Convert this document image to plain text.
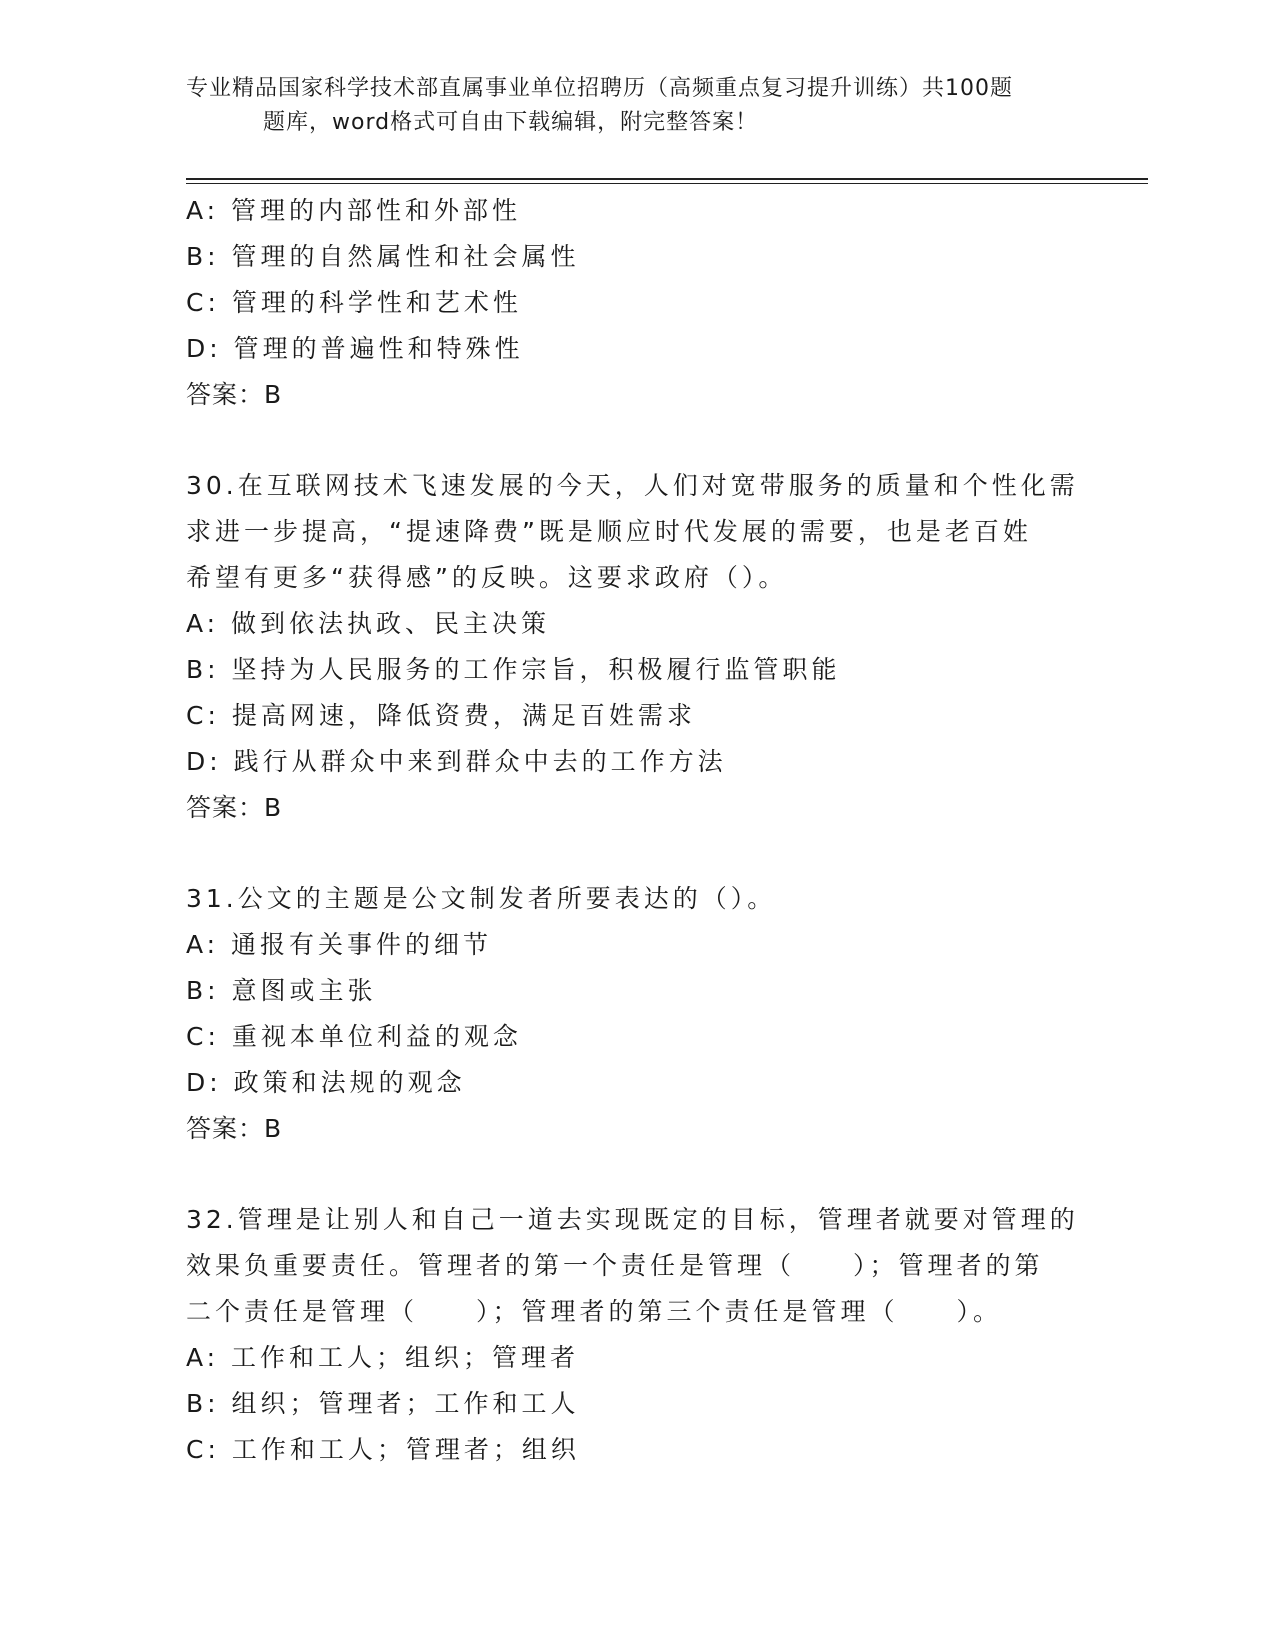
专业精品国家科学技术部直属事业单位招聘历（高频重点复习提升训练）共100题
题库，word格式可自由下载编辑，附完整答案！
A: 管理的内部性和外部性
B: 管理的自然属性和社会属性
C: 管理的科学性和艺术性
D: 管理的普遍性和特殊性
答案：B
30.在互联网技术飞速发展的今天，人们对宽带服务的质量和个性化需
求进一步提高，“提速降费”既是顺应时代发展的需要，也是老百姓
希望有更多“获得感”的反映。这要求政府（）。
A: 做到依法执政、民主决策
B: 坚持为人民服务的工作宗旨，积极履行监管职能
C: 提高网速，降低资费，满足百姓需求
D: 践行从群众中来到群众中去的工作方法
答案：B
31.公文的主题是公文制发者所要表达的（）。
A: 通报有关事件的细节
B: 意图或主张
C: 重视本单位利益的观念
D: 政策和法规的观念
答案：B
32.管理是让别人和自己一道去实现既定的目标，管理者就要对管理的
效果负重要责任。管理者的第一个责任是管理（　　）；管理者的第
二个责任是管理（　　）；管理者的第三个责任是管理（　　）。
A: 工作和工人；组织；管理者
B: 组织；管理者；工作和工人
C: 工作和工人；管理者；组织
